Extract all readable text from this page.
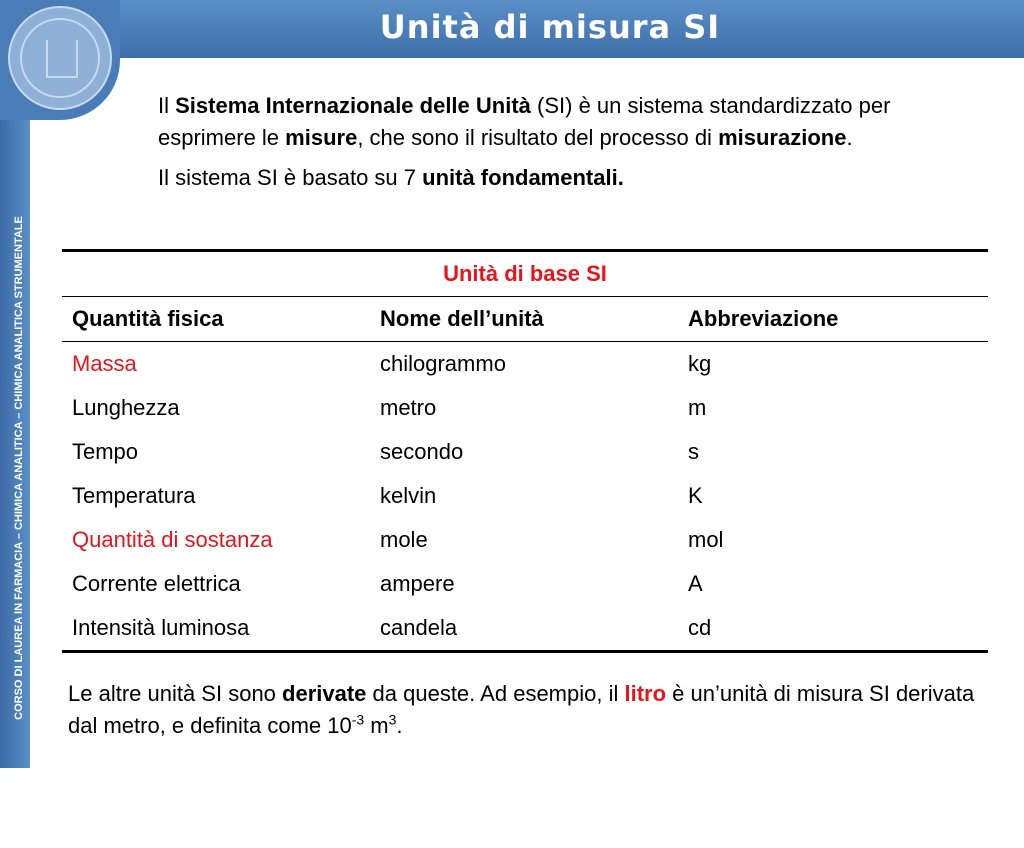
CORSO DI LAUREA IN FARMACIA – CHIMICA ANALITICA – CHIMICA ANALITICA STRUMENTALE
Unità di misura SI

Il Sistema Internazionale delle Unità (SI) è un sistema standardizzato per esprimere le misure, che sono il risultato del processo di misurazione.

Il sistema SI è basato su 7 unità fondamentali.

Unità di base SI		
Quantità fisica	Nome dell’unità	Abbreviazione
Massa	chilogrammo	kg
Lunghezza	metro	m
Tempo	secondo	s
Temperatura	kelvin	K
Quantità di sostanza	mole	mol
Corrente elettrica	ampere	A
Intensità luminosa	candela	cd
Le altre unità SI sono derivate da queste. Ad esempio, il litro è un’unità di misura SI derivata dal metro, e definita come $10^{-3}$ $m^3$.
